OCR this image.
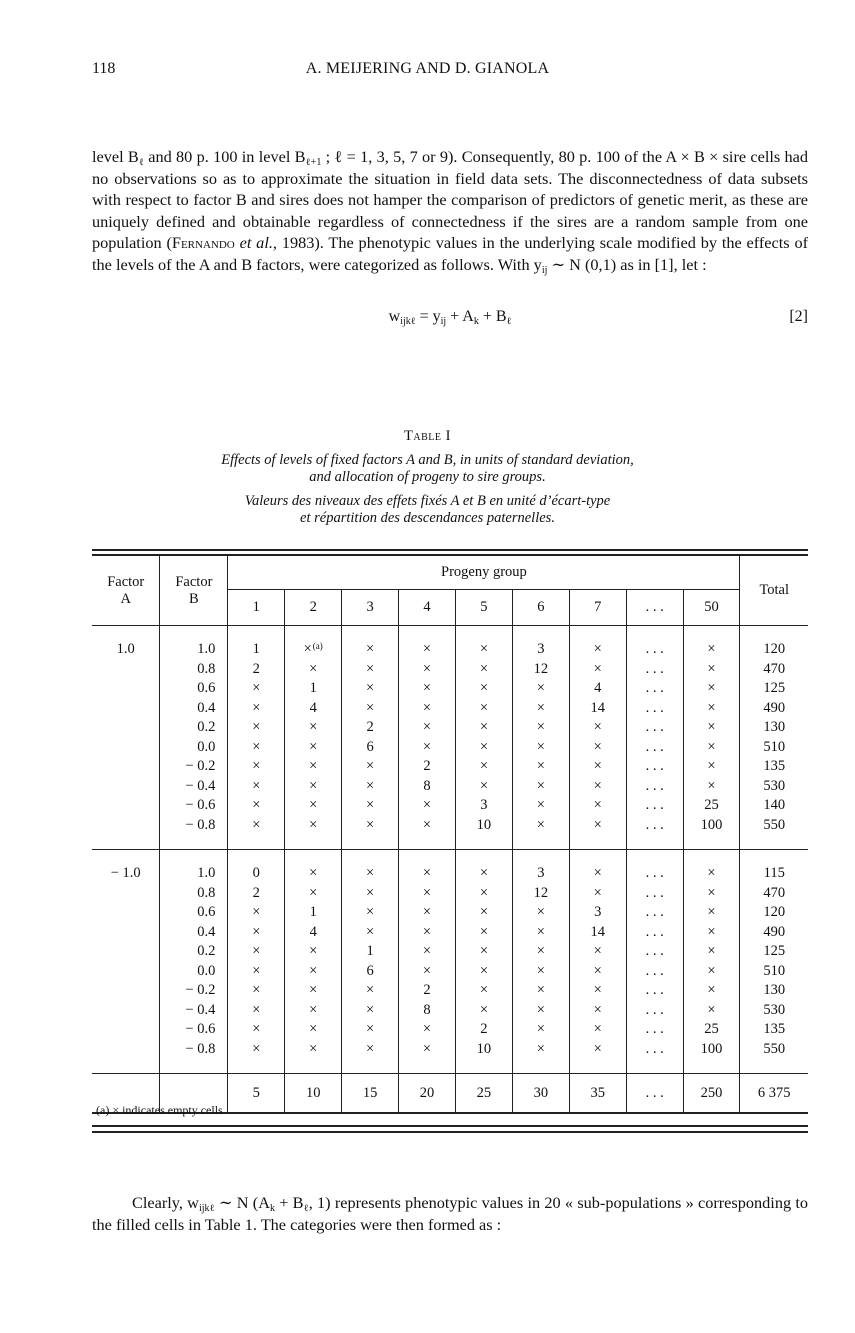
118	A. MEIJERING AND D. GIANOLA

level $B_\ell$ and 80 p. 100 in level $B_{\ell+1}$ ; ℓ = 1, 3, 5, 7 or 9). Consequently, 80 p. 100 of the A × B × sire cells had no observations so as to approximate the situation in field data sets. The disconnectedness of data subsets with respect to factor B and sires does not hamper the comparison of predictors of genetic merit, as these are uniquely defined and obtainable regardless of connectedness if the sires are a random sample from one population (Fernando et al., 1983). The phenotypic values in the underlying scale modified by the effects of the levels of the A and B factors, were categorized as follows. With $y_{ij}$ ∼ N (0,1) as in [1], let :

$w_{ijk\ell} = y_{ij} + A_k + B_\ell$	[2]
Table I
Effects of levels of fixed factors A and B, in units of standard deviation,
and allocation of progeny to sire groups.
Valeurs des niveaux des effets fixés A et B en unité d’écart-type
et répartition des descendances paternelles.
Factor
A	Factor
B	Progeny group									Total
		1	2	3	4	5	6	7	. . .	50	

1.0	1.0	1	×$^{(a)}$	×	×	×	3	×	. . .	×	120
	0.8	2	×	×	×	×	12	×	. . .	×	470
	0.6	×	1	×	×	×	×	4	. . .	×	125
	0.4	×	4	×	×	×	×	14	. . .	×	490
	0.2	×	×	2	×	×	×	×	. . .	×	130
	0.0	×	×	6	×	×	×	×	. . .	×	510
	− 0.2	×	×	×	2	×	×	×	. . .	×	135
	− 0.4	×	×	×	8	×	×	×	. . .	×	530
	− 0.6	×	×	×	×	3	×	×	. . .	25	140
	− 0.8	×	×	×	×	10	×	×	. . .	100	550

− 1.0	1.0	0	×	×	×	×	3	×	. . .	×	115
	0.8	2	×	×	×	×	12	×	. . .	×	470
	0.6	×	1	×	×	×	×	3	. . .	×	120
	0.4	×	4	×	×	×	×	14	. . .	×	490
	0.2	×	×	1	×	×	×	×	. . .	×	125
	0.0	×	×	6	×	×	×	×	. . .	×	510
	− 0.2	×	×	×	2	×	×	×	. . .	×	130
	− 0.4	×	×	×	8	×	×	×	. . .	×	530
	− 0.6	×	×	×	×	2	×	×	. . .	25	135
	− 0.8	×	×	×	×	10	×	×	. . .	100	550

		5	10	15	20	25	30	35	. . .	250	6 375
(a) × indicates empty cells.
Clearly, $w_{ijk\ell}$ ∼ N ($A_k + B_\ell$, 1) represents phenotypic values in 20 « sub-populations » corresponding to the filled cells in Table 1. The categories were then formed as :
